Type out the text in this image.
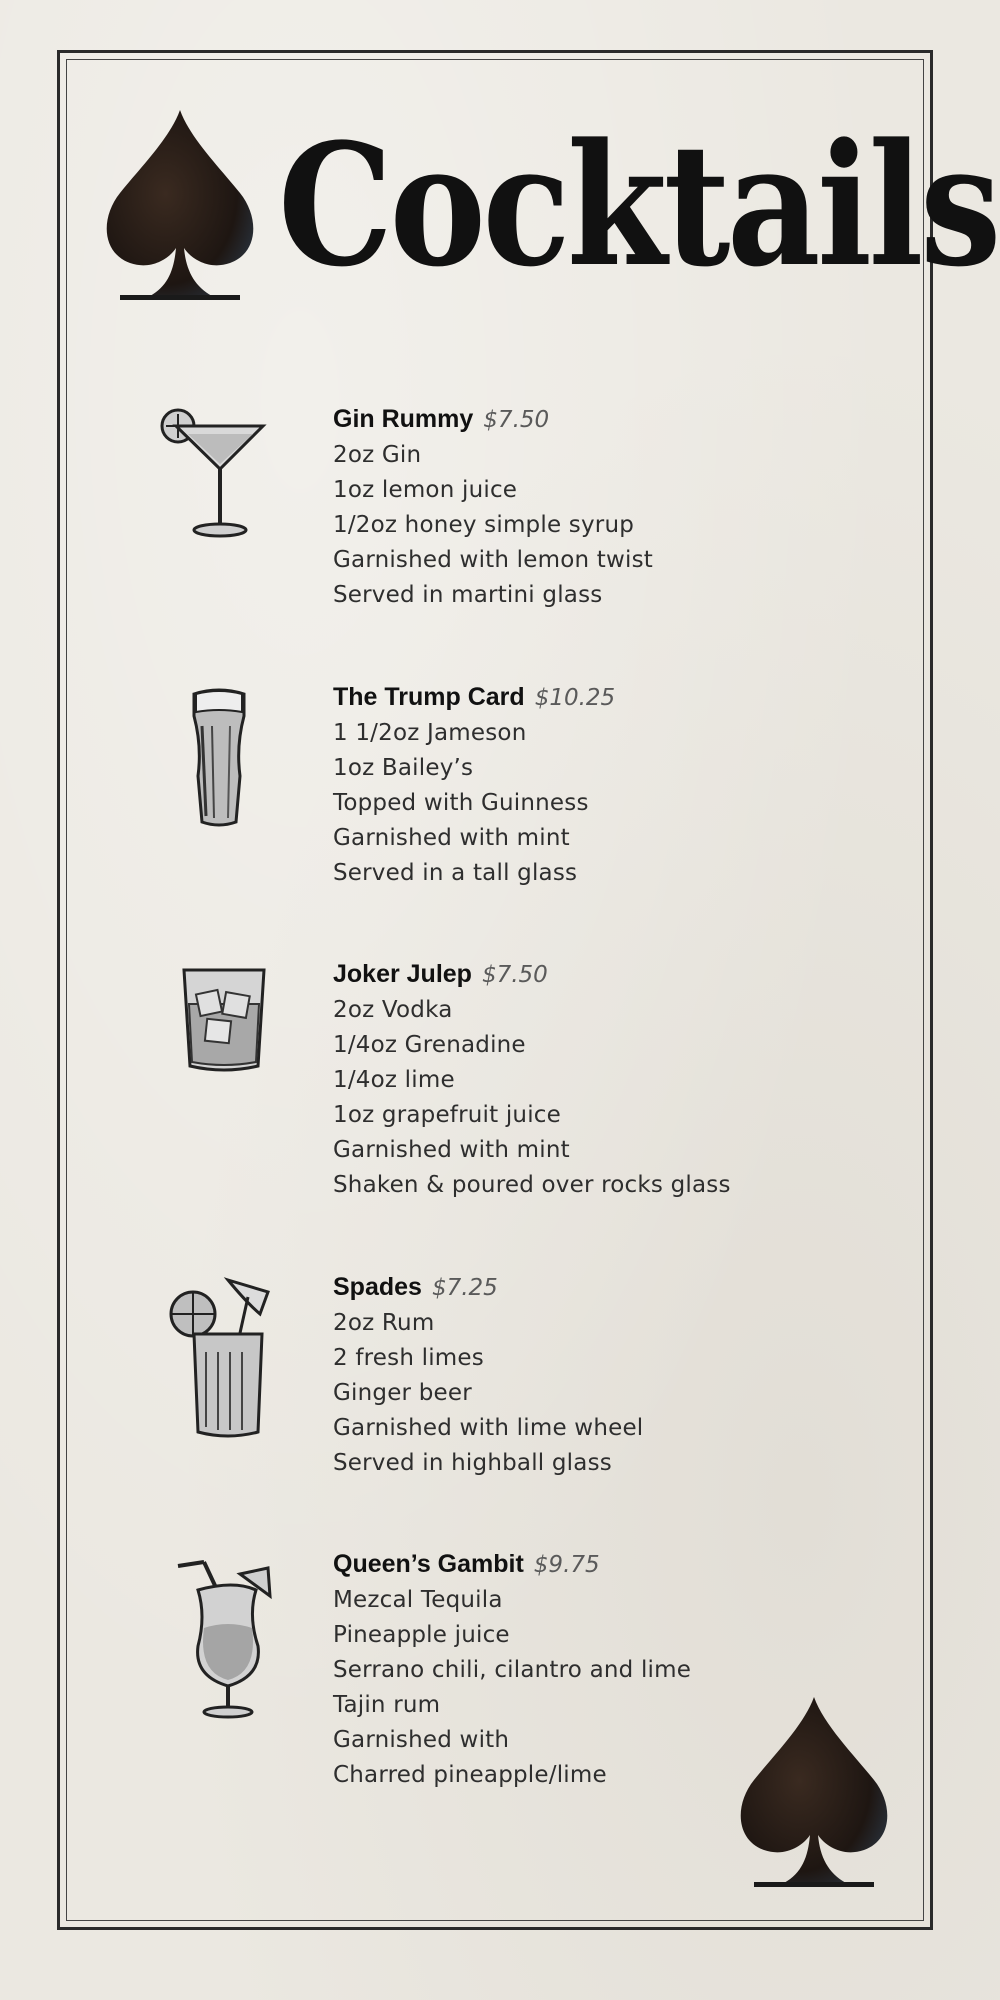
Cocktails
Gin Rummy $7.50
2oz Gin
1oz lemon juice
1/2oz honey simple syrup
Garnished with lemon twist
Served in martini glass
The Trump Card $10.25
1 1/2oz Jameson
1oz Bailey’s
Topped with Guinness
Garnished with mint
Served in a tall glass
Joker Julep $7.50
2oz Vodka
1/4oz Grenadine
1/4oz lime
1oz grapefruit juice
Garnished with mint
Shaken & poured over rocks glass
Spades $7.25
2oz Rum
2 fresh limes
Ginger beer
Garnished with lime wheel
Served in highball glass
Queen’s Gambit $9.75
Mezcal Tequila
Pineapple juice
Serrano chili, cilantro and lime
Tajin rum
Garnished with
Charred pineapple/lime
